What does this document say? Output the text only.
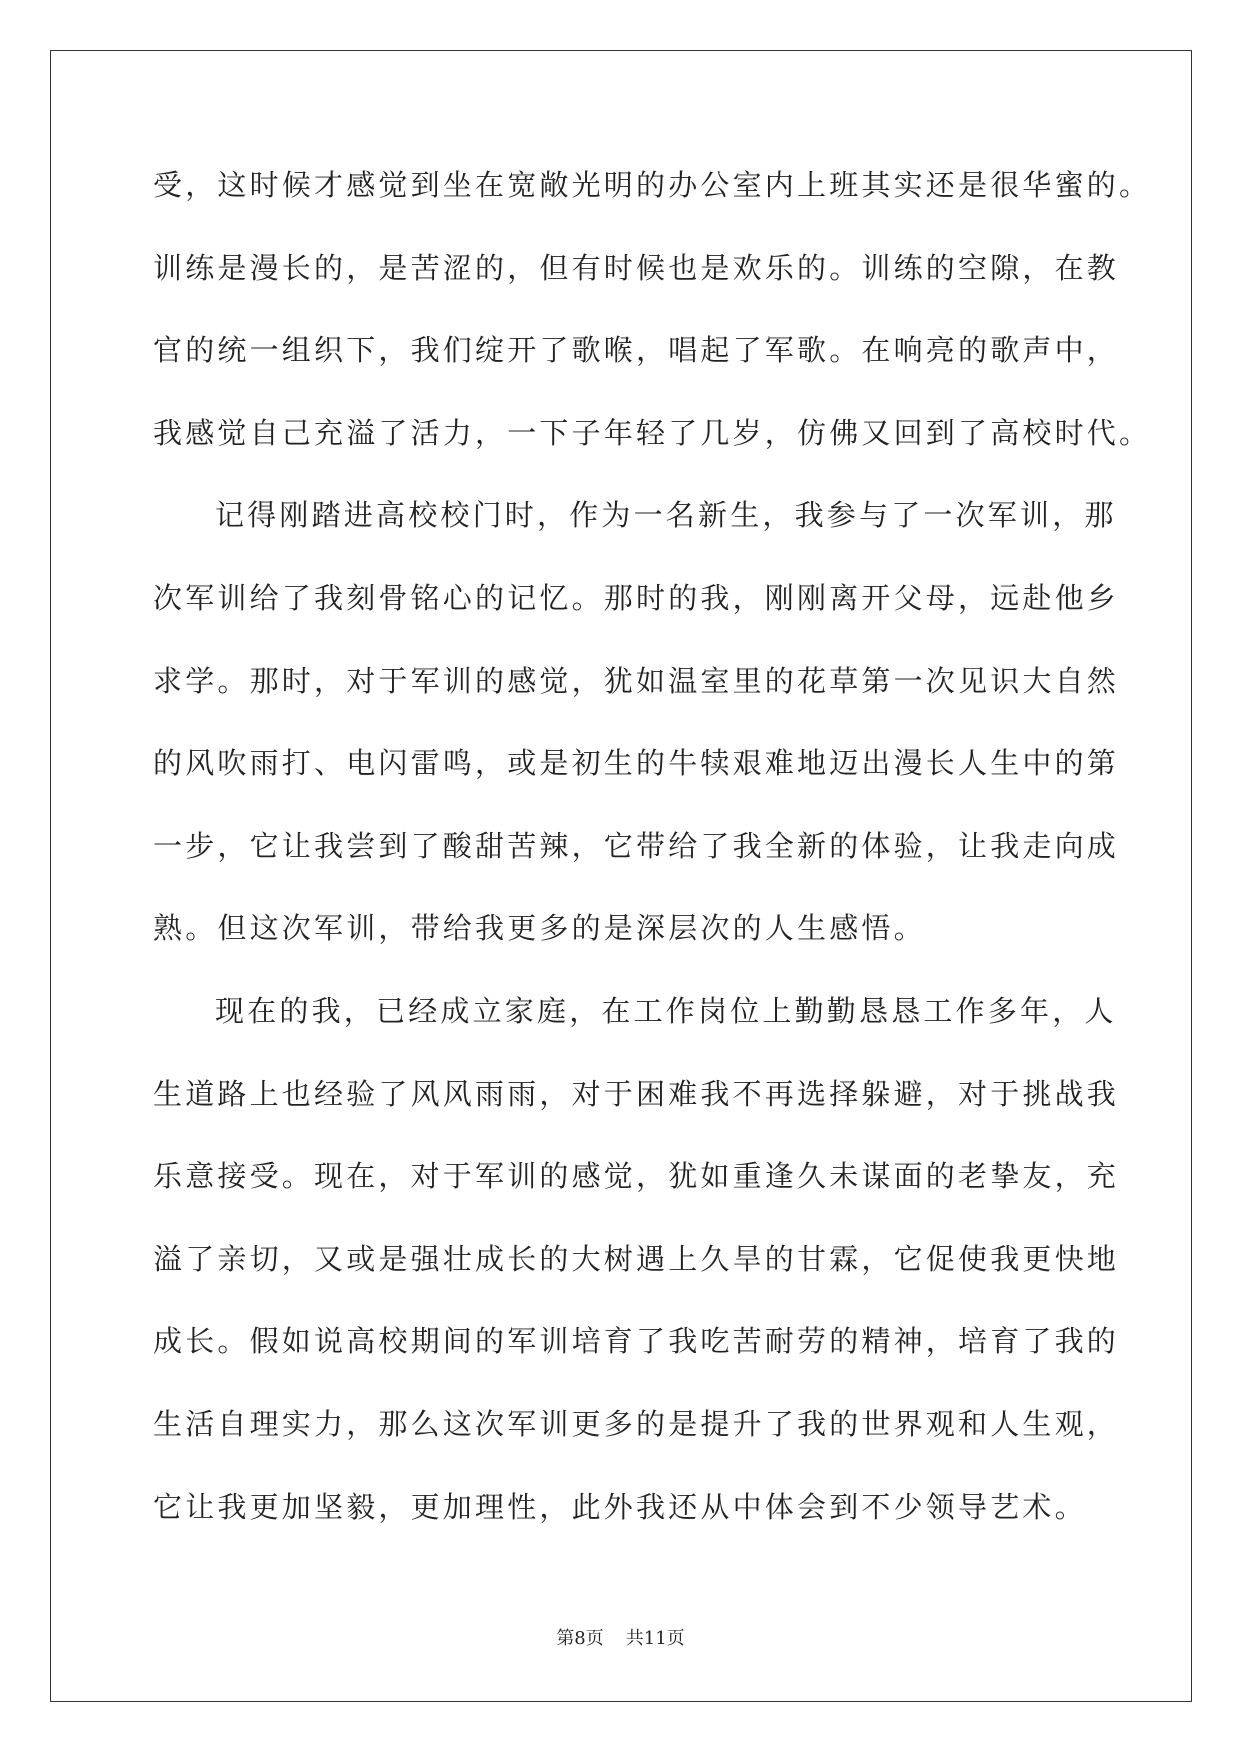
受，这时候才感觉到坐在宽敞光明的办公室内上班其实还是很华蜜的。
训练是漫长的，是苦涩的，但有时候也是欢乐的。训练的空隙，在教
官的统一组织下，我们绽开了歌喉，唱起了军歌。在响亮的歌声中，
我感觉自己充溢了活力，一下子年轻了几岁，仿佛又回到了高校时代。
记得刚踏进高校校门时，作为一名新生，我参与了一次军训，那
次军训给了我刻骨铭心的记忆。那时的我，刚刚离开父母，远赴他乡
求学。那时，对于军训的感觉，犹如温室里的花草第一次见识大自然
的风吹雨打、电闪雷鸣，或是初生的牛犊艰难地迈出漫长人生中的第
一步，它让我尝到了酸甜苦辣，它带给了我全新的体验，让我走向成
熟。但这次军训，带给我更多的是深层次的人生感悟。
现在的我，已经成立家庭，在工作岗位上勤勤恳恳工作多年，人
生道路上也经验了风风雨雨，对于困难我不再选择躲避，对于挑战我
乐意接受。现在，对于军训的感觉，犹如重逢久未谋面的老挚友，充
溢了亲切，又或是强壮成长的大树遇上久旱的甘霖，它促使我更快地
成长。假如说高校期间的军训培育了我吃苦耐劳的精神，培育了我的
生活自理实力，那么这次军训更多的是提升了我的世界观和人生观，
它让我更加坚毅，更加理性，此外我还从中体会到不少领导艺术。
第8页 共11页
